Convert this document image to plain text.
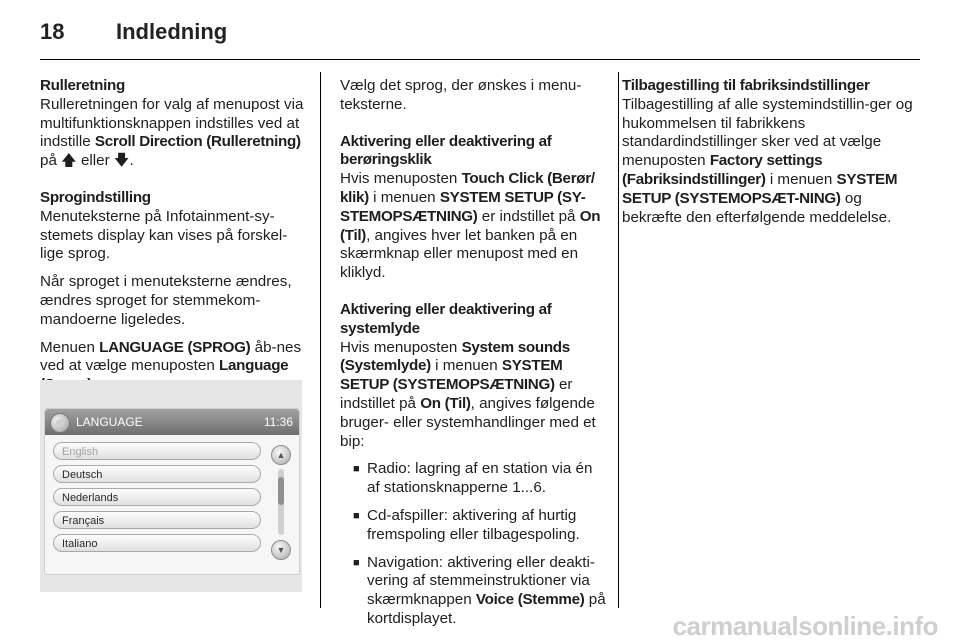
18 Indledning
Rulleretning

Rulleretningen for valg af menupost via multifunktionsknappen indstilles ved at indstille Scroll Direction (Rulleretning) på 🡅 eller 🡇.

Sprogindstilling

Menuteksterne på Infotainment-sy-stemets display kan vises på forskel-lige sprog.

Når sproget i menuteksterne ændres, ændres sproget for stemmekom-mandoerne ligeledes.

Menuen LANGUAGE (SPROG) åb-nes ved at vælge menuposten Language

LANGUAGE	11:36
English
Deutsch
Nederlands
Français
Italiano
▲
▼

Vælg det sprog, der ønskes i menu-teksterne.

Aktivering eller deaktivering af berøringsklik

Hvis menuposten Touch Click (Berør/ klik) i menuen SYSTEM SETUP (SY-STEMOPSÆTNING) er indstillet på On (Til), angives hver let banken på en skærmknap eller menupost med en kliklyd.

Aktivering eller deaktivering af systemlyde

Hvis menuposten System sounds (Systemlyde) i menuen SYSTEM SETUP (SYSTEMOPSÆTNING) er indstillet på On (Til), angives følgende bruger- eller systemhandlinger med et bip:

■ Radio: lagring af en station via én af stationsknapperne 1...6.
■ Cd-afspiller: aktivering af hurtig fremspoling eller tilbagespoling.
■ Navigation: aktivering eller deakti-vering af stemmeinstruktioner via skærmknappen Voice (Stemme) på kortdisplayet.
Tilbagestilling til fabriksindstillinger

Tilbagestilling af alle systemindstillin-ger og hukommelsen til fabrikkens standardindstillinger sker ved at vælge menuposten Factory settings (Fabriksindstillinger) i menuen SYSTEM SETUP (SYSTEMOPSÆT-NING) og bekræfte den efterfølgende meddelelse.

carmanualsonline.info
